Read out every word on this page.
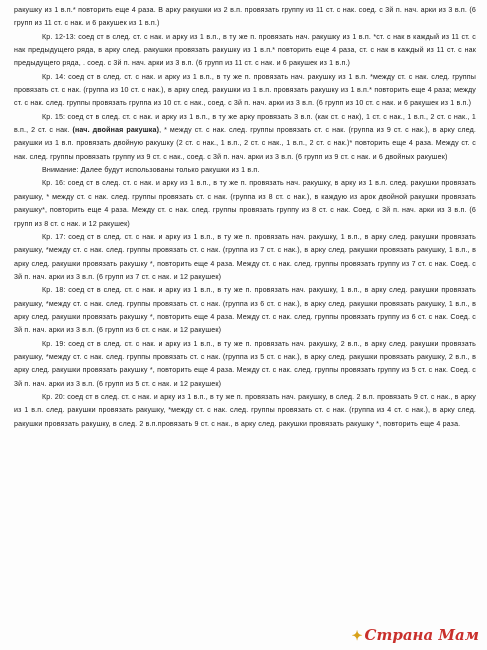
ракушку из 1 в.п.* повторить еще 4 раза. В арку ракушки из 2 в.п. провязать группу из 11 ст. с нак. соед. с 3й п. нач. арки из 3 в.п. (6 групп из 11 ст. с нак. и 6 ракушек из 1 в.п.)

Кр. 12-13: соед ст в след. ст. с нак. и арку из 1 в.п., в ту же п. провязать нач. ракушку из 1 в.п. *ст. с нак в каждый из 11 ст. с нак предыдущего ряда, в арку след. ракушки провязать ракушку из 1 в.п.* повторить еще 4 раза, ст. с нак в каждый из 11 ст. с нак предыдущего ряда, . соед. с 3й п. нач. арки из 3 в.п. (6 групп из 11 ст. с нак. и 6 ракушек из 1 в.п.)

Кр. 14: соед ст в след. ст. с нак. и арку из 1 в.п., в ту же п. провязать нач. ракушку из 1 в.п. *между ст. с нак. след. группы провязать ст. с нак. (группа из 10 ст. с нак.), в арку след. ракушки из 1 в.п. провязать ракушку из 1 в.п.* повторить еще 4 раза; между ст. с нак. след. группы провязать группа из 10 ст. с нак., соед. с 3й п. нач. арки из 3 в.п. (6 групп из 10 ст. с нак. и 6 ракушек из 1 в.п.)

Кр. 15: соед ст в след. ст. с нак. и арку из 1 в.п., в ту же арку провязать 3 в.п. (как ст. с нак), 1 ст. с нак., 1 в.п., 2 ст. с нак., 1 в.п., 2 ст. с нак. (нач. двойная ракушка), * между ст. с нак. след. группы провязать ст. с нак. (группа из 9 ст. с нак.), в арку след. ракушки из 1 в.п. провязать двойную ракушку (2 ст. с нак., 1 в.п., 2 ст. с нак., 1 в.п., 2 ст. с нак.)* повторить еще 4 раза. Между ст. с нак. след. группы провязать группу из 9 ст. с нак., соед. с 3й п. нач. арки из 3 в.п. (6 групп из 9 ст. с нак. и 6 двойных ракушек)

Внимание: Далее будут использованы только ракушки из 1 в.п.

Кр. 16: соед ст в след. ст. с нак. и арку из 1 в.п., в ту же п. провязать нач. ракушку, в арку из 1 в.п. след. ракушки провязать ракушку, * между ст. с нак. след. группы провязать ст. с нак. (группа из 8 ст. с нак.), в каждую из арок двойной ракушки провязать ракушку*, повторить еще 4 раза. Между ст. с нак. след. группы провязать группу из 8 ст. с нак. Соед. с 3й п. нач. арки из 3 в.п. (6 групп из 8 ст. с нак. и 12 ракушек)

Кр. 17: соед ст в след. ст. с нак. и арку из 1 в.п., в ту же п. провязать нач. ракушку, 1 в.п., в арку след. ракушки провязать ракушку, *между ст. с нак. след. группы провязать ст. с нак. (группа из 7 ст. с нак.), в арку след. ракушки провязать ракушку, 1 в.п., в арку след. ракушки провязать ракушку *, повторить еще 4 раза. Между ст. с нак. след. группы провязать группу из 7 ст. с нак. Соед. с 3й п. нач. арки из 3 в.п. (6 групп из 7 ст. с нак. и 12 ракушек)

Кр. 18: соед ст в след. ст. с нак. и арку из 1 в.п., в ту же п. провязать нач. ракушку, 1 в.п., в арку след. ракушки провязать ракушку, *между ст. с нак. след. группы провязать ст. с нак. (группа из 6 ст. с нак.), в арку след. ракушки провязать ракушку, 1 в.п., в арку след. ракушки провязать ракушку *, повторить еще 4 раза. Между ст. с нак. след. группы провязать группу из 6 ст. с нак. Соед. с 3й п. нач. арки из 3 в.п. (6 групп из 6 ст. с нак. и 12 ракушек)

Кр. 19: соед ст в след. ст. с нак. и арку из 1 в.п., в ту же п. провязать нач. ракушку, 2 в.п., в арку след. ракушки провязать ракушку, *между ст. с нак. след. группы провязать ст. с нак. (группа из 5 ст. с нак.), в арку след. ракушки провязать ракушку, 2 в.п., в арку след. ракушки провязать ракушку *, повторить еще 4 раза. Между ст. с нак. след. группы провязать группу из 5 ст. с нак. Соед. с 3й п. нач. арки из 3 в.п. (6 групп из 5 ст. с нак. и 12 ракушек)

Кр. 20: соед ст в след. ст. с нак. и арку из 1 в.п., в ту же п. провязать нач. ракушку, в след. 2 в.п. провязать 9 ст. с нак., в арку из 1 в.п. след. ракушки провязать ракушку, *между ст. с нак. след. группы провязать ст. с нак. (группа из 4 ст. с нак.), в арку след. ракушки провязать ракушку, в след. 2 в.п.провязать 9 ст. с нак., в арку след. ракушки провязать ракушку *, повторить еще 4 раза.

✦ Страна Мам
